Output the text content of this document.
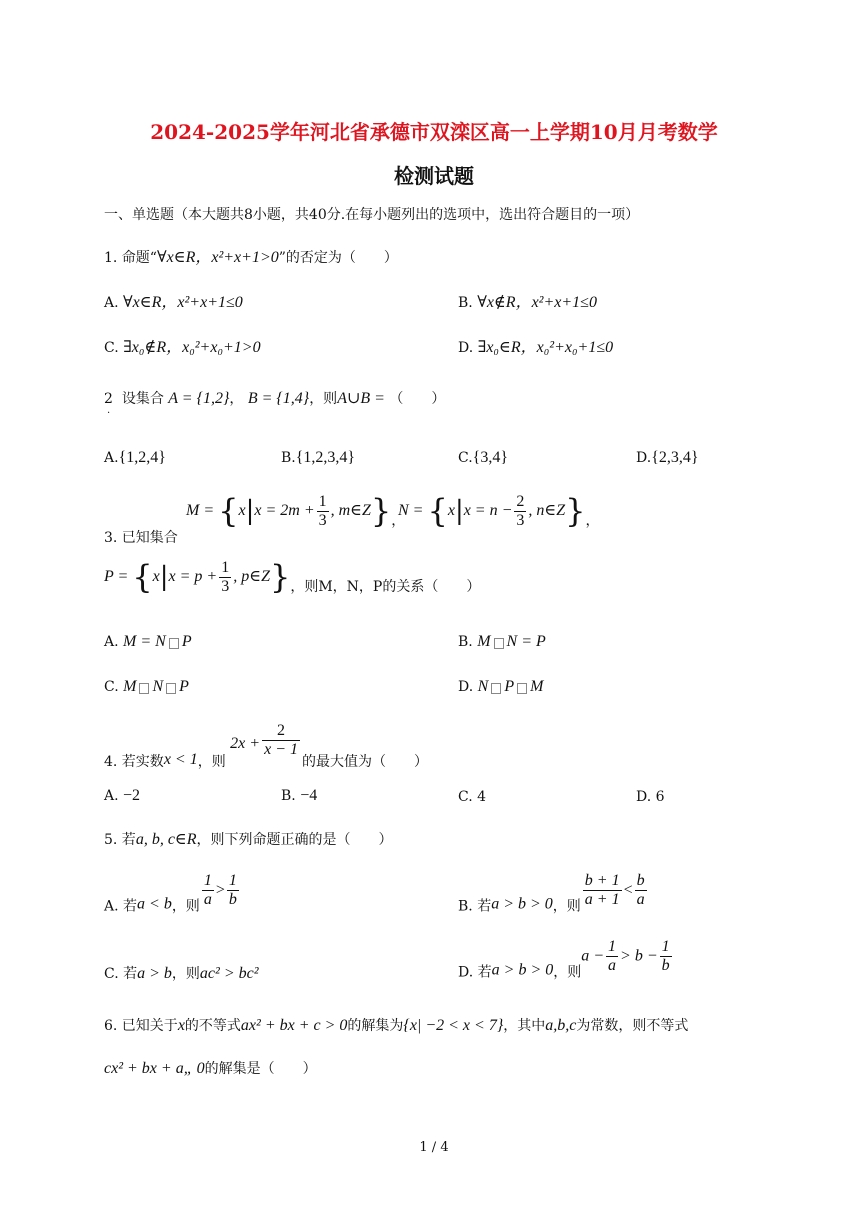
2024-2025学年河北省承德市双滦区高一上学期10月月考数学
检测试题
一、单选题（本大题共8小题，共40分.在每小题列出的选项中，选出符合题目的一项）
1. 命题“∀x∈R，x²+x+1>0”的否定为（　　）
A. ∀x∈R，x²+x+1≤0	B. ∀x∉R，x²+x+1≤0
C. ∃x₀∉R，x₀²+x₀+1>0	D. ∃x₀∈R，x₀²+x₀+1≤0
2 设集合 A = {1,2}， B = {1,4}，则A∪B = （　　）
.
A.{1,2,4}	B.{1,2,3,4}	C.{3,4}	D.{2,3,4}
3. 已知集合
$M = \{x|x = 2m + \frac{1}{3}$ , m∈Z}，
$N = \{x|x = n - \frac{2}{3}$ , n∈Z}，
$P = \{x|x = p + \frac{1}{3}$ , p∈Z}，则M，N，P的关系（　　）
A. M = N P	B. M N = P
C. M N P	D. N P M
4. 若实数x < 1，则 $2x + \frac{2}{x - 1}$
的最大值为（　　）
A. −2	B. −4	C. 4	D. 6
5. 若a, b, c∈R，则下列命题正确的是（　　）
A. 若a < b，则 $\frac{1}{a} > \frac{1}{b}$	B. 若a > b > 0，则 $\frac{b + 1}{a + 1} < \frac{b}{a}$
C. 若a > b，则ac² > bc²	D. 若a > b > 0，则$a - \frac{1}{a} > b - \frac{1}{b}$
6. 已知关于x的不等式ax² + bx + c > 0的解集为{x| −2 < x < 7}，其中a,b,c为常数，则不等式
cx² + bx + a„ 0的解集是（　　）
1 / 4
